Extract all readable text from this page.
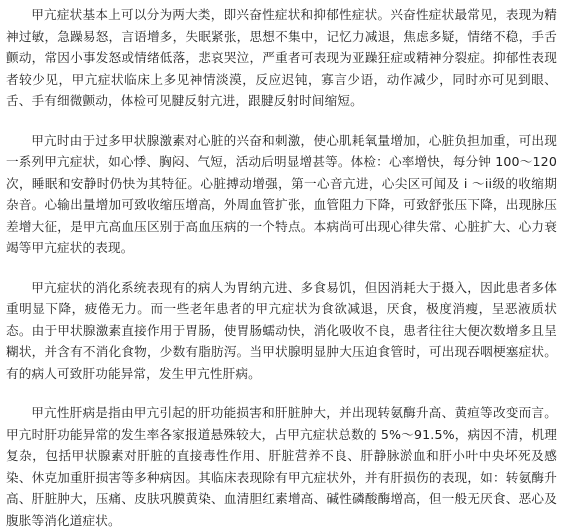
甲亢症状基本上可以分为两大类，即兴奋性症状和抑郁性症状。兴奋性症状最常见，表现为精神过敏，急躁易怒，言语增多，失眠紧张，思想不集中，记忆力减退，焦虑多疑，情绪不稳，手舌颤动，常因小事发怒或情绪低落，悲哀哭泣，严重者可表现为亚躁狂症或精神分裂症。抑郁性表现者较少见，甲亢症状临床上多见神情淡漠，反应迟钝，寡言少语，动作减少，同时亦可见到眼、舌、手有细微颤动，体检可见腱反射亢进，跟腱反射时间缩短。

甲亢时由于过多甲状腺激素对心脏的兴奋和刺激，使心肌耗氧量增加，心脏负担加重，可出现一系列甲亢症状，如心悸、胸闷、气短，活动后明显增甚等。体检：心率增快，每分钟 100～120 次，睡眠和安静时仍快为其特征。心脏搏动增强，第一心音亢进，心尖区可闻及 i ～ii级的收缩期杂音。心输出量增加可致收缩压增高，外周血管扩张，血管阻力下降，可致舒张压下降，出现脉压差增大征，是甲亢高血压区别于高血压病的一个特点。本病尚可出现心律失常、心脏扩大、心力衰竭等甲亢症状的表现。

甲亢症状的消化系统表现有的病人为胃纳亢进、多食易饥，但因消耗大于摄入，因此患者多体重明显下降，疲倦无力。而一些老年患者的甲亢症状为食欲减退，厌食，极度消瘦，呈恶液质状态。由于甲状腺激素直接作用于胃肠，使胃肠蠕动快，消化吸收不良，患者往往大便次数增多且呈糊状，并含有不消化食物，少数有脂肪泻。当甲状腺明显肿大压迫食管时，可出现吞咽梗塞症状。有的病人可致肝功能异常，发生甲亢性肝病。

甲亢性肝病是指由甲亢引起的肝功能损害和肝脏肿大，并出现转氨酶升高、黄疸等改变而言。甲亢时肝功能异常的发生率各家报道悬殊较大，占甲亢症状总数的 5%～91.5%，病因不清，机理复杂，包括甲状腺素对肝脏的直接毒性作用、肝脏营养不良、肝静脉淤血和肝小叶中央坏死及感染、休克加重肝损害等多种病因。其临床表现除有甲亢症状外，并有肝损伤的表现，如：转氨酶升高、肝脏肿大，压痛、皮肤巩膜黄染、血清胆红素增高、碱性磷酸酶增高，但一般无厌食、恶心及腹胀等消化道症状。
